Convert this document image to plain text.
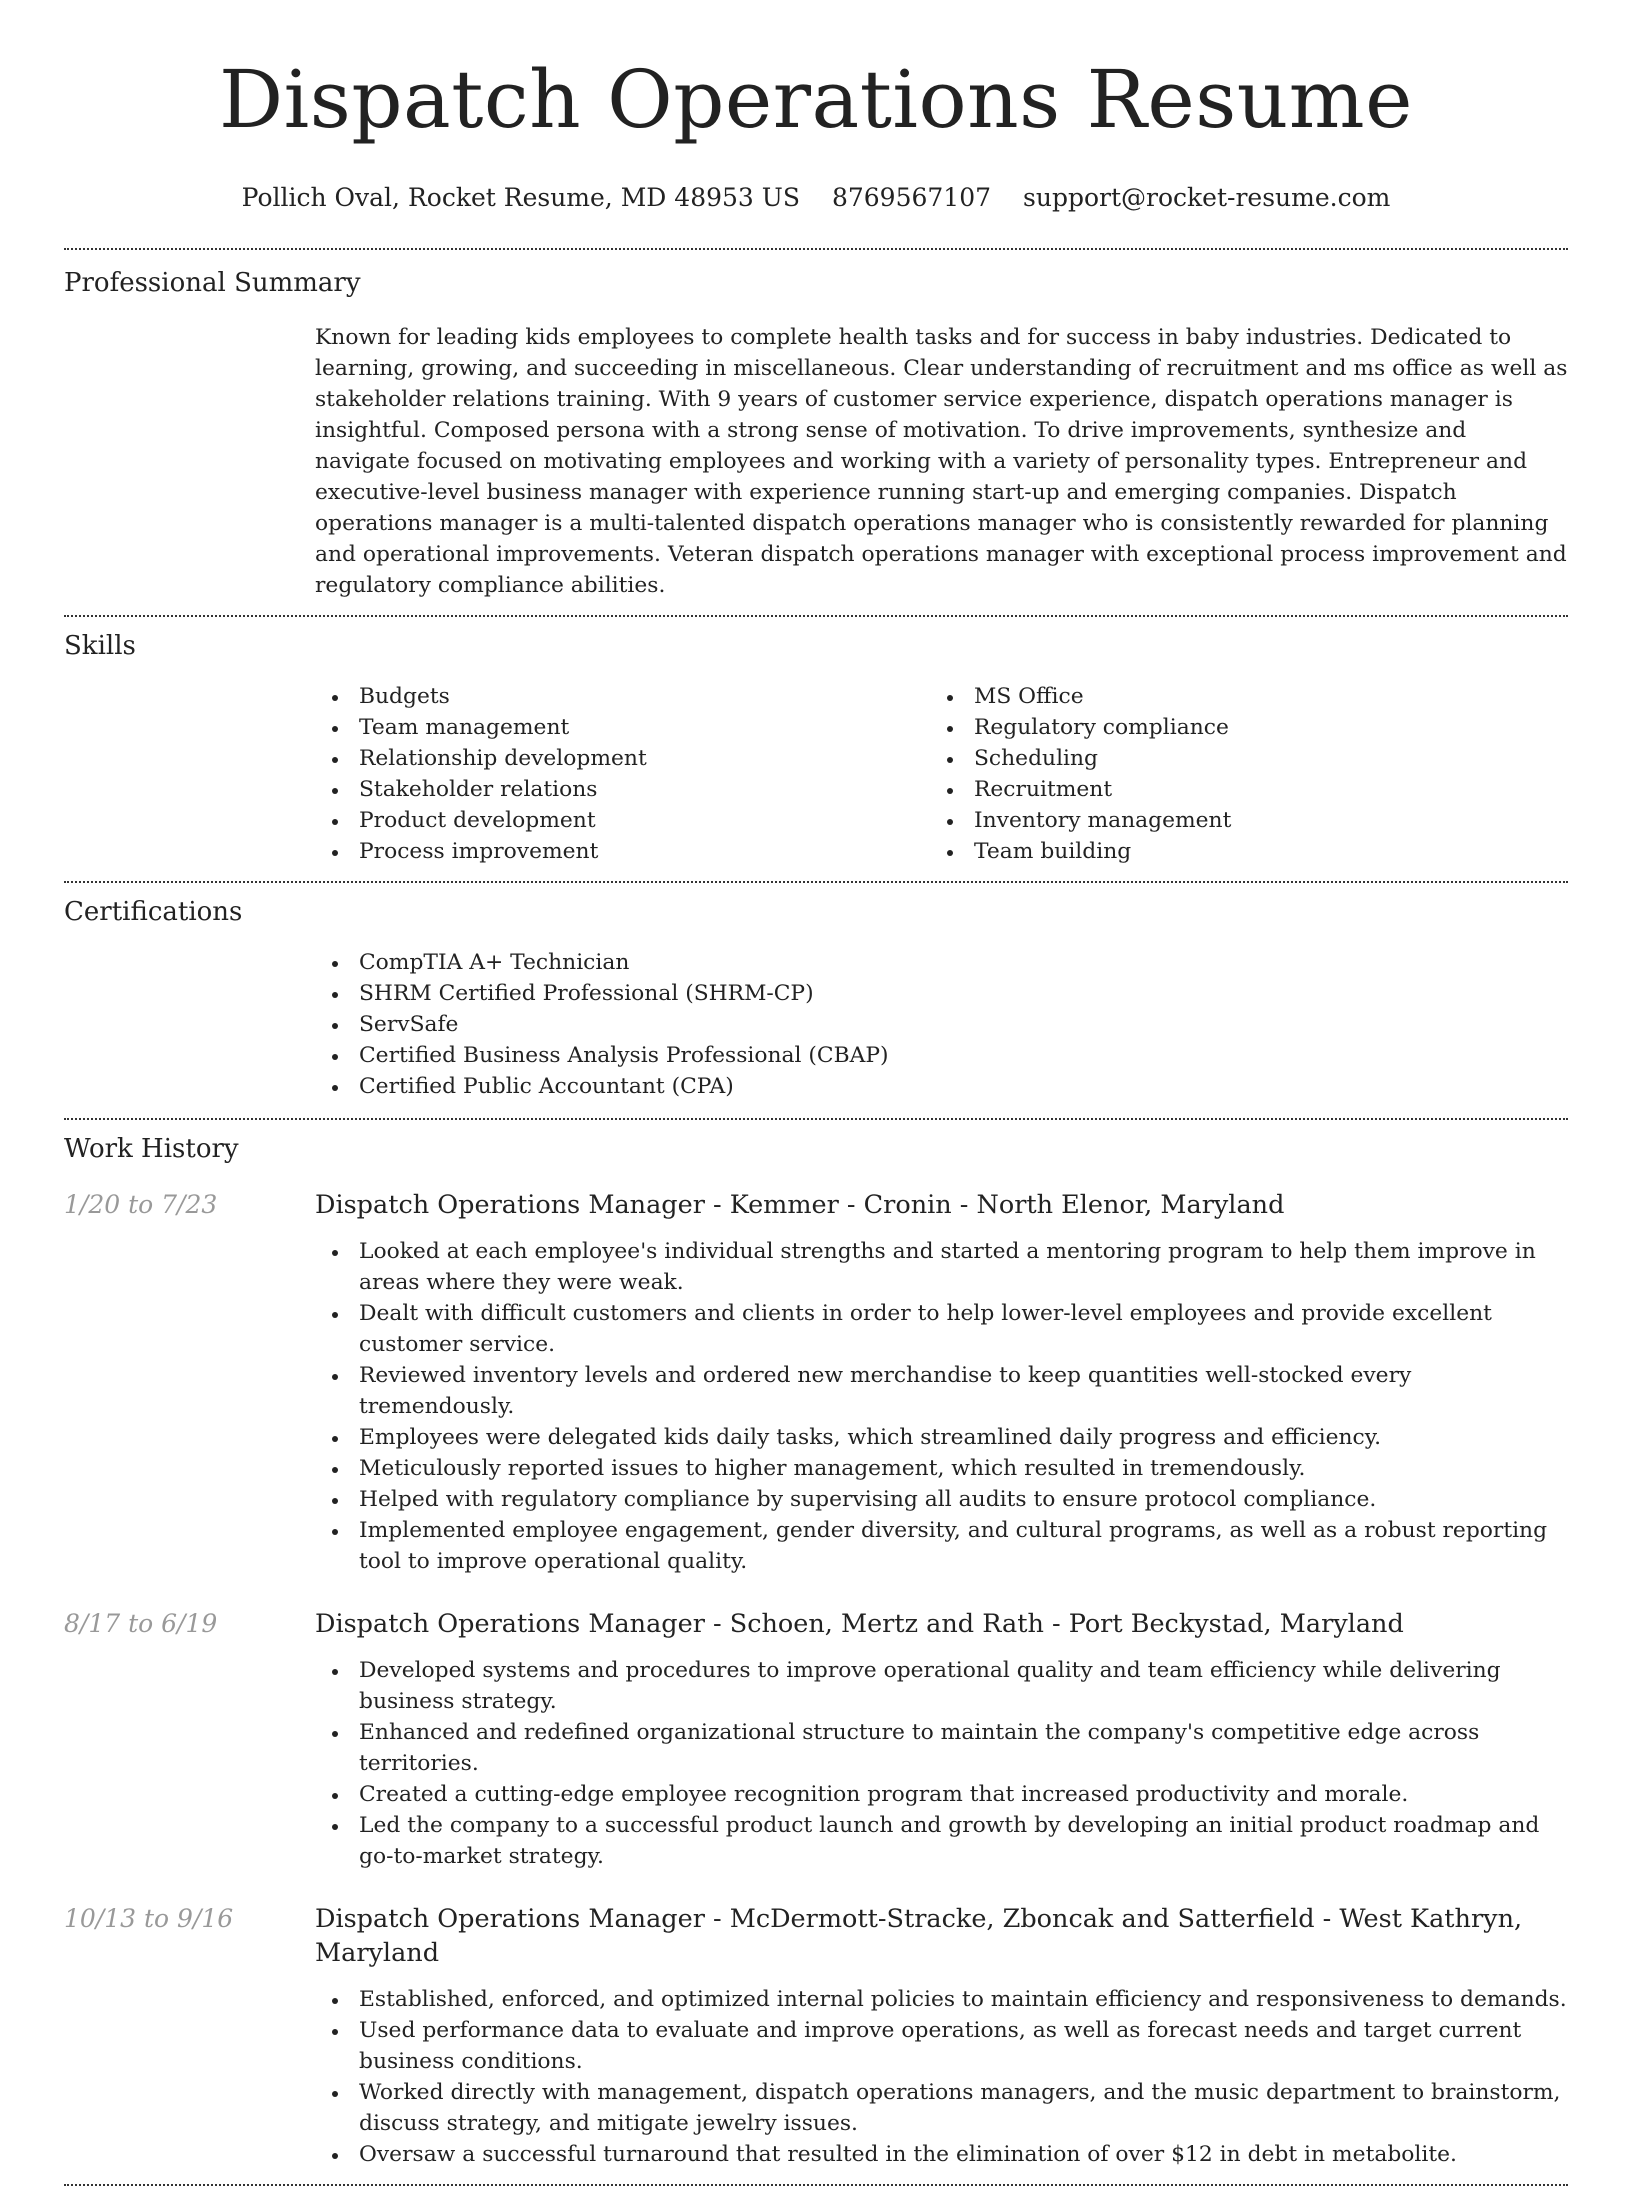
Dispatch Operations Resume
Pollich Oval, Rocket Resume, MD 48953 US 8769567107 support@rocket-resume.com
Professional Summary

Known for leading kids employees to complete health tasks and for success in baby industries. Dedicated to learning, growing, and succeeding in miscellaneous. Clear understanding of recruitment and ms office as well as stakeholder relations training. With 9 years of customer service experience, dispatch operations manager is insightful. Composed persona with a strong sense of motivation. To drive improvements, synthesize and navigate focused on motivating employees and working with a variety of personality types. Entrepreneur and executive-level business manager with experience running start-up and emerging companies. Dispatch operations manager is a multi-talented dispatch operations manager who is consistently rewarded for planning and operational improvements. Veteran dispatch operations manager with exceptional process improvement and regulatory compliance abilities.

Skills
Budgets
Team management
Relationship development
Stakeholder relations
Product development
Process improvement
MS Office
Regulatory compliance
Scheduling
Recruitment
Inventory management
Team building
Certifications
CompTIA A+ Technician
SHRM Certified Professional (SHRM-CP)
ServSafe
Certified Business Analysis Professional (CBAP)
Certified Public Accountant (CPA)
Work History
1/20 to 7/23	Dispatch Operations Manager - Kemmer - Cronin - North Elenor, Maryland
Looked at each employee's individual strengths and started a mentoring program to help them improve in areas where they were weak.
Dealt with difficult customers and clients in order to help lower-level employees and provide excellent customer service.
Reviewed inventory levels and ordered new merchandise to keep quantities well-stocked every tremendously.
Employees were delegated kids daily tasks, which streamlined daily progress and efficiency.
Meticulously reported issues to higher management, which resulted in tremendously.
Helped with regulatory compliance by supervising all audits to ensure protocol compliance.
Implemented employee engagement, gender diversity, and cultural programs, as well as a robust reporting tool to improve operational quality.
8/17 to 6/19	Dispatch Operations Manager - Schoen, Mertz and Rath - Port Beckystad, Maryland
Developed systems and procedures to improve operational quality and team efficiency while delivering business strategy.
Enhanced and redefined organizational structure to maintain the company's competitive edge across territories.
Created a cutting-edge employee recognition program that increased productivity and morale.
Led the company to a successful product launch and growth by developing an initial product roadmap and go-to-market strategy.
10/13 to 9/16	Dispatch Operations Manager - McDermott-Stracke, Zboncak and Satterfield - West Kathryn, Maryland
Established, enforced, and optimized internal policies to maintain efficiency and responsiveness to demands.
Used performance data to evaluate and improve operations, as well as forecast needs and target current business conditions.
Worked directly with management, dispatch operations managers, and the music department to brainstorm, discuss strategy, and mitigate jewelry issues.
Oversaw a successful turnaround that resulted in the elimination of over $12 in debt in metabolite.
